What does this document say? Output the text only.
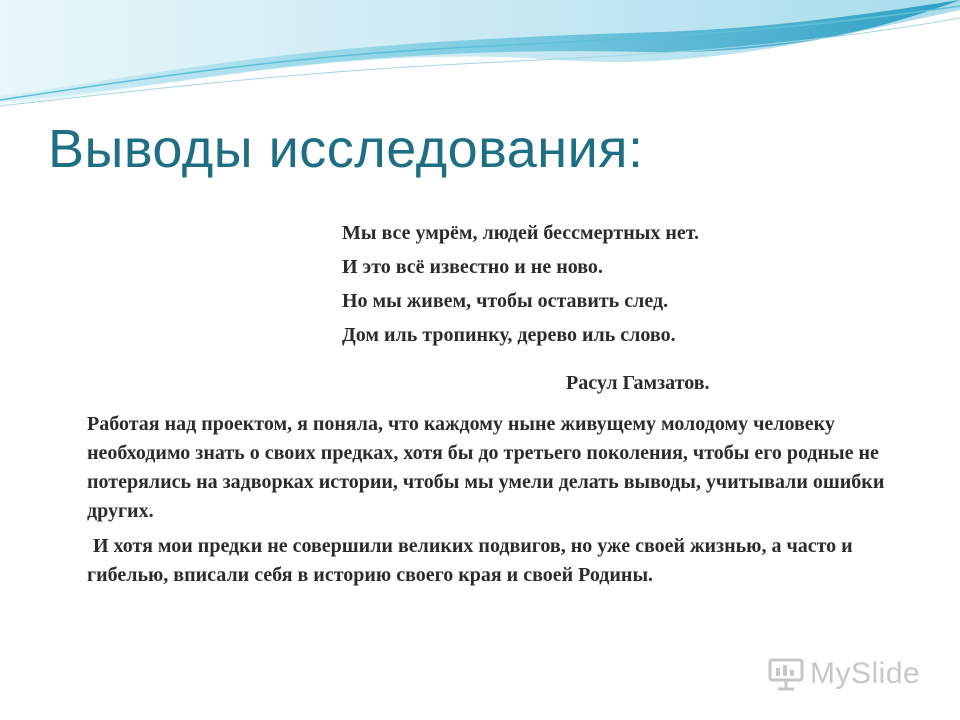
Выводы исследования:
Мы все умрём, людей бессмертных нет.
И это всё известно и не ново.
Но мы живем, чтобы оставить след.
Дом иль тропинку, дерево иль слово.
Расул Гамзатов.

Работая над проектом, я поняла, что каждому ныне живущему молодому человеку необходимо знать о своих предках, хотя бы до третьего поколения, чтобы его родные не потерялись на задворках истории, чтобы мы умели делать выводы, учитывали ошибки других.

И хотя мои предки не совершили великих подвигов, но уже своей жизнью, а часто и гибелью, вписали себя в историю своего края и своей Родины.

MySlide
